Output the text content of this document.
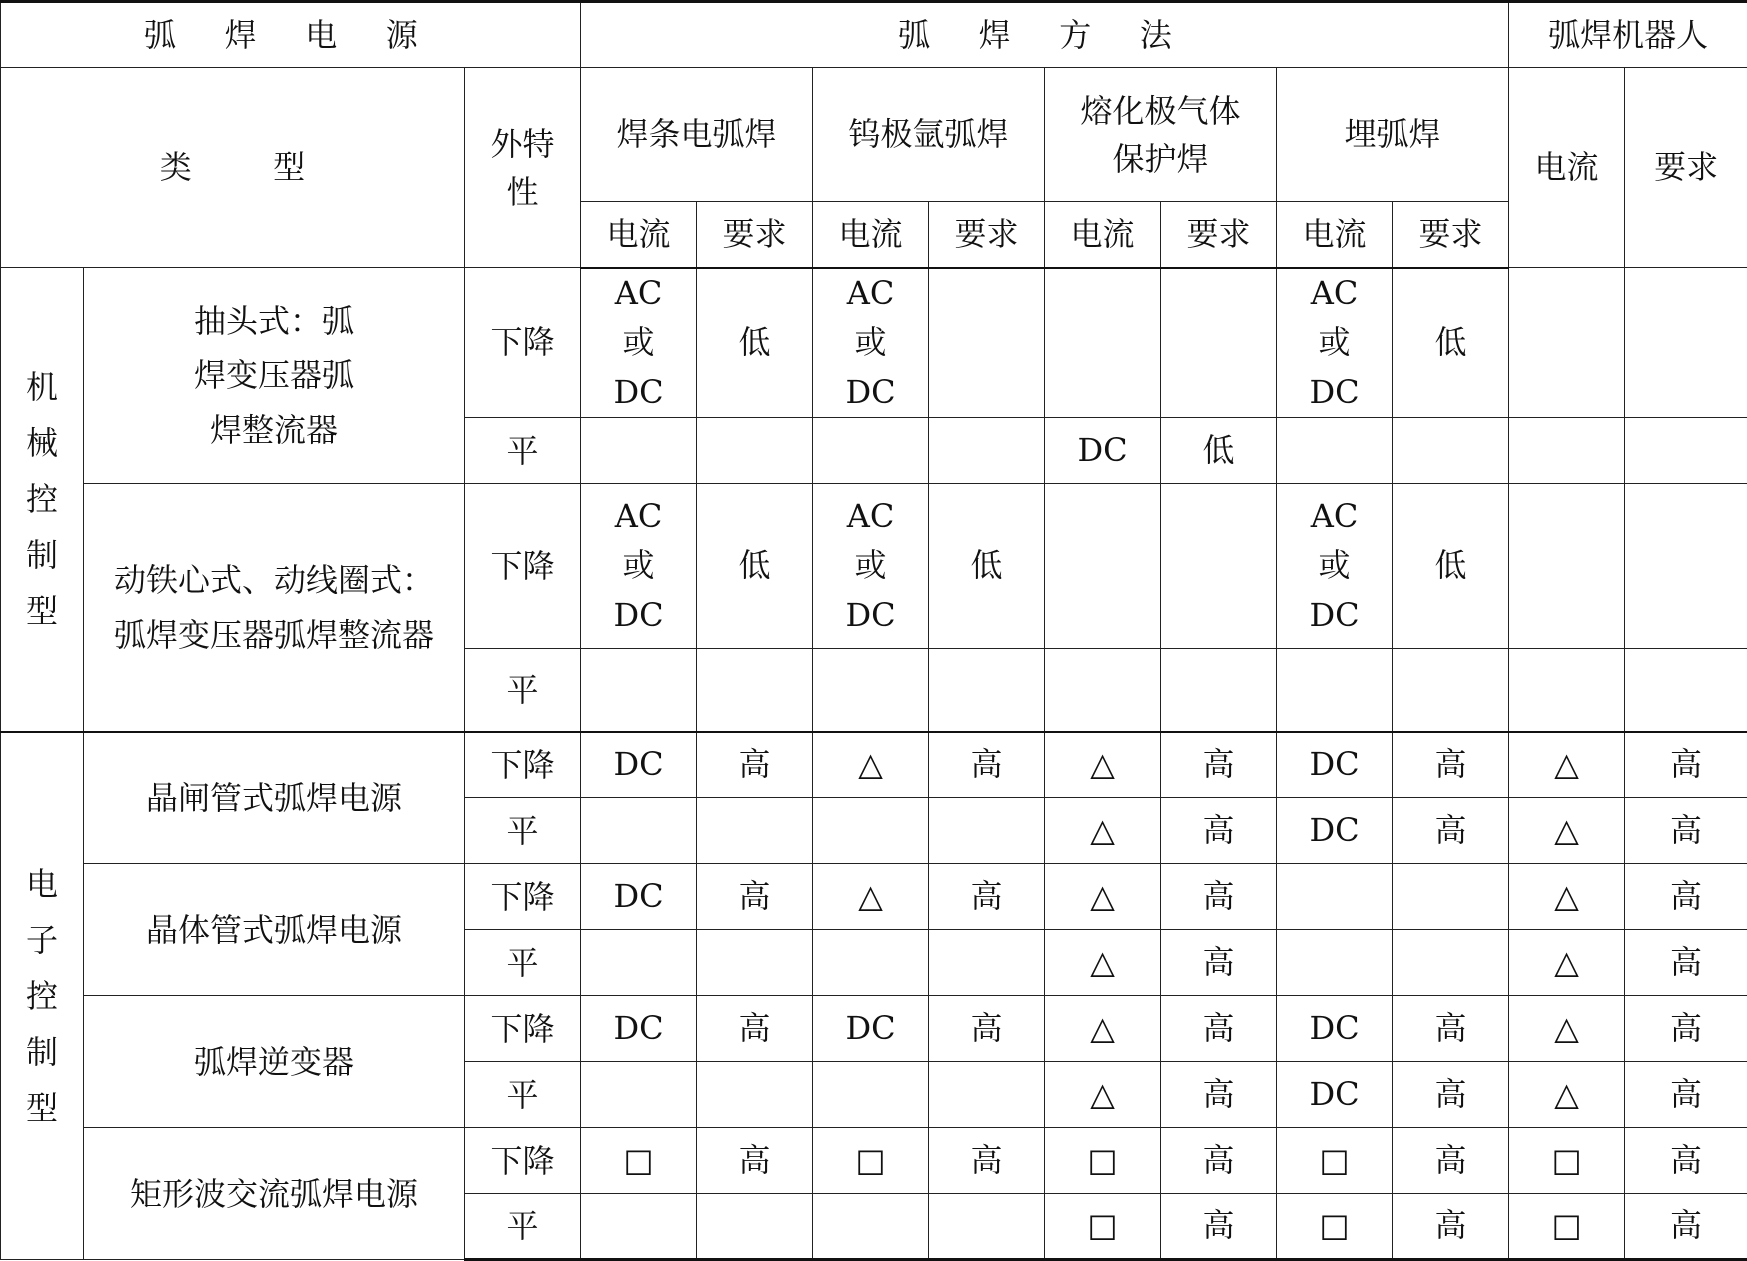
弧 焊 电 源			弧 焊 方 法								弧焊机器人	
类        型		外特性	焊条电弧焊		钨极氩弧焊		熔化极气体保护焊		埋弧焊		电流	要求
			电流	要求	电流	要求	电流	要求	电流	要求		

机械控制型	抽头式：弧焊变压器弧焊整流器	下降	AC 或 DC	低	AC 或 DC				AC 或 DC	低		

		平					DC	低				

	动铁心式、动线圈式：弧焊变压器弧焊整流器	下降	AC 或 DC	低	AC 或 DC	低			AC 或 DC	低		

		平	

电子控制型	晶闸管式弧焊电源	下降	DC	高	△	高	△	高	DC	高	△	高

		平					△	高	DC	高	△	高

	晶体管式弧焊电源	下降	DC	高	△	高	△	高			△	高

		平					△	高			△	高

	弧焊逆变器	下降	DC	高	DC	高	△	高	DC	高	△	高

		平					△	高	DC	高	△	高

	矩形波交流弧焊电源	下降	□	高	□	高	□	高	□	高	□	高

		平					□	高	□	高	□	高
